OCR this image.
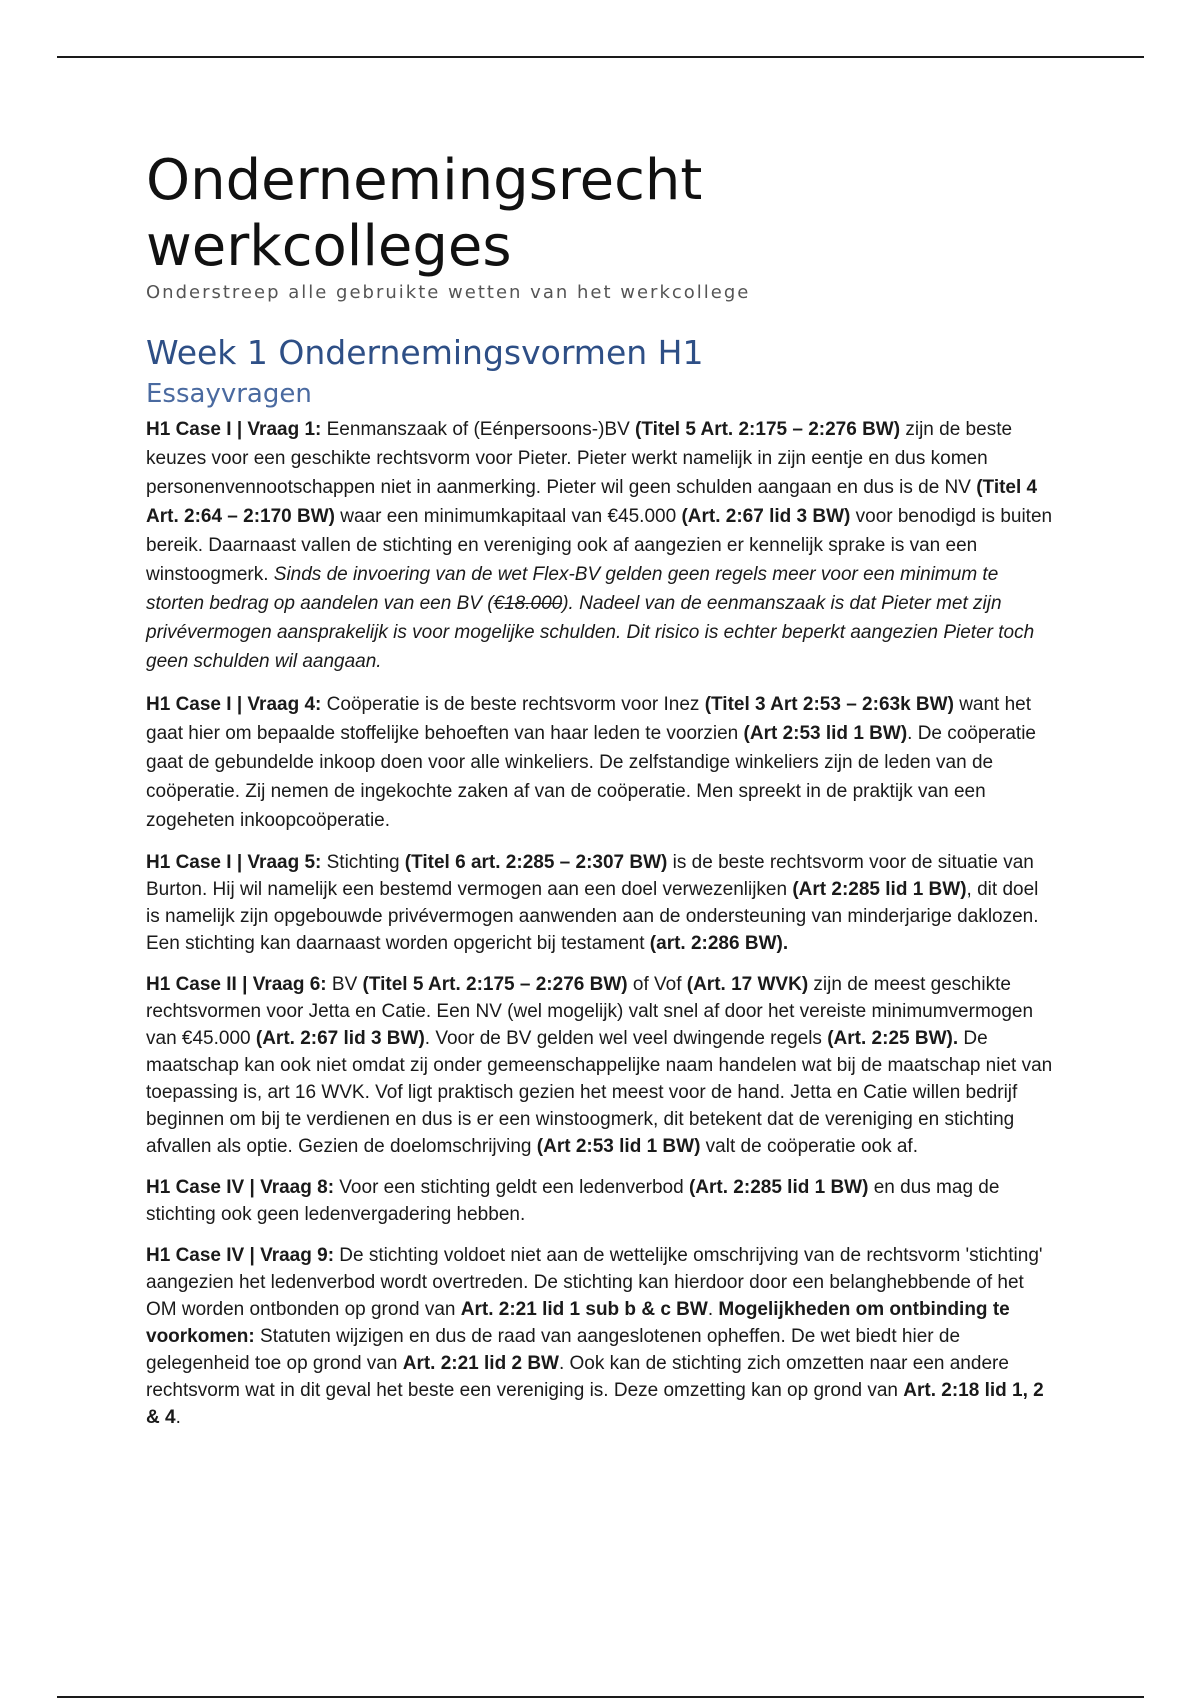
Ondernemingsrecht werkcolleges
Onderstreep alle gebruikte wetten van het werkcollege
Week 1 Ondernemingsvormen H1
Essayvragen

H1 Case I | Vraag 1: Eenmanszaak of (Eénpersoons-)BV (Titel 5 Art. 2:175 – 2:276 BW) zijn de beste keuzes voor een geschikte rechtsvorm voor Pieter. Pieter werkt namelijk in zijn eentje en dus komen personenvennootschappen niet in aanmerking. Pieter wil geen schulden aangaan en dus is de NV (Titel 4 Art. 2:64 – 2:170 BW) waar een minimumkapitaal van €45.000 (Art. 2:67 lid 3 BW) voor benodigd is buiten bereik. Daarnaast vallen de stichting en vereniging ook af aangezien er kennelijk sprake is van een winstoogmerk. Sinds de invoering van de wet Flex-BV gelden geen regels meer voor een minimum te storten bedrag op aandelen van een BV (€18.000). Nadeel van de eenmanszaak is dat Pieter met zijn privévermogen aansprakelijk is voor mogelijke schulden. Dit risico is echter beperkt aangezien Pieter toch geen schulden wil aangaan.

H1 Case I | Vraag 4: Coöperatie is de beste rechtsvorm voor Inez (Titel 3 Art 2:53 – 2:63k BW) want het gaat hier om bepaalde stoffelijke behoeften van haar leden te voorzien (Art 2:53 lid 1 BW). De coöperatie gaat de gebundelde inkoop doen voor alle winkeliers. De zelfstandige winkeliers zijn de leden van de coöperatie. Zij nemen de ingekochte zaken af van de coöperatie. Men spreekt in de praktijk van een zogeheten inkoopcoöperatie.

H1 Case I | Vraag 5: Stichting (Titel 6 art. 2:285 – 2:307 BW) is de beste rechtsvorm voor de situatie van Burton. Hij wil namelijk een bestemd vermogen aan een doel verwezenlijken (Art 2:285 lid 1 BW), dit doel is namelijk zijn opgebouwde privévermogen aanwenden aan de ondersteuning van minderjarige daklozen. Een stichting kan daarnaast worden opgericht bij testament (art. 2:286 BW).

H1 Case II | Vraag 6: BV (Titel 5 Art. 2:175 – 2:276 BW) of Vof (Art. 17 WVK) zijn de meest geschikte rechtsvormen voor Jetta en Catie. Een NV (wel mogelijk) valt snel af door het vereiste minimumvermogen van €45.000 (Art. 2:67 lid 3 BW). Voor de BV gelden wel veel dwingende regels (Art. 2:25 BW). De maatschap kan ook niet omdat zij onder gemeenschappelijke naam handelen wat bij de maatschap niet van toepassing is, art 16 WVK. Vof ligt praktisch gezien het meest voor de hand. Jetta en Catie willen bedrijf beginnen om bij te verdienen en dus is er een winstoogmerk, dit betekent dat de vereniging en stichting afvallen als optie. Gezien de doelomschrijving (Art 2:53 lid 1 BW) valt de coöperatie ook af.

H1 Case IV | Vraag 8: Voor een stichting geldt een ledenverbod (Art. 2:285 lid 1 BW) en dus mag de stichting ook geen ledenvergadering hebben.

H1 Case IV | Vraag 9: De stichting voldoet niet aan de wettelijke omschrijving van de rechtsvorm 'stichting' aangezien het ledenverbod wordt overtreden. De stichting kan hierdoor door een belanghebbende of het OM worden ontbonden op grond van Art. 2:21 lid 1 sub b & c BW. Mogelijkheden om ontbinding te voorkomen: Statuten wijzigen en dus de raad van aangeslotenen opheffen. De wet biedt hier de gelegenheid toe op grond van Art. 2:21 lid 2 BW. Ook kan de stichting zich omzetten naar een andere rechtsvorm wat in dit geval het beste een vereniging is. Deze omzetting kan op grond van Art. 2:18 lid 1, 2 & 4.
